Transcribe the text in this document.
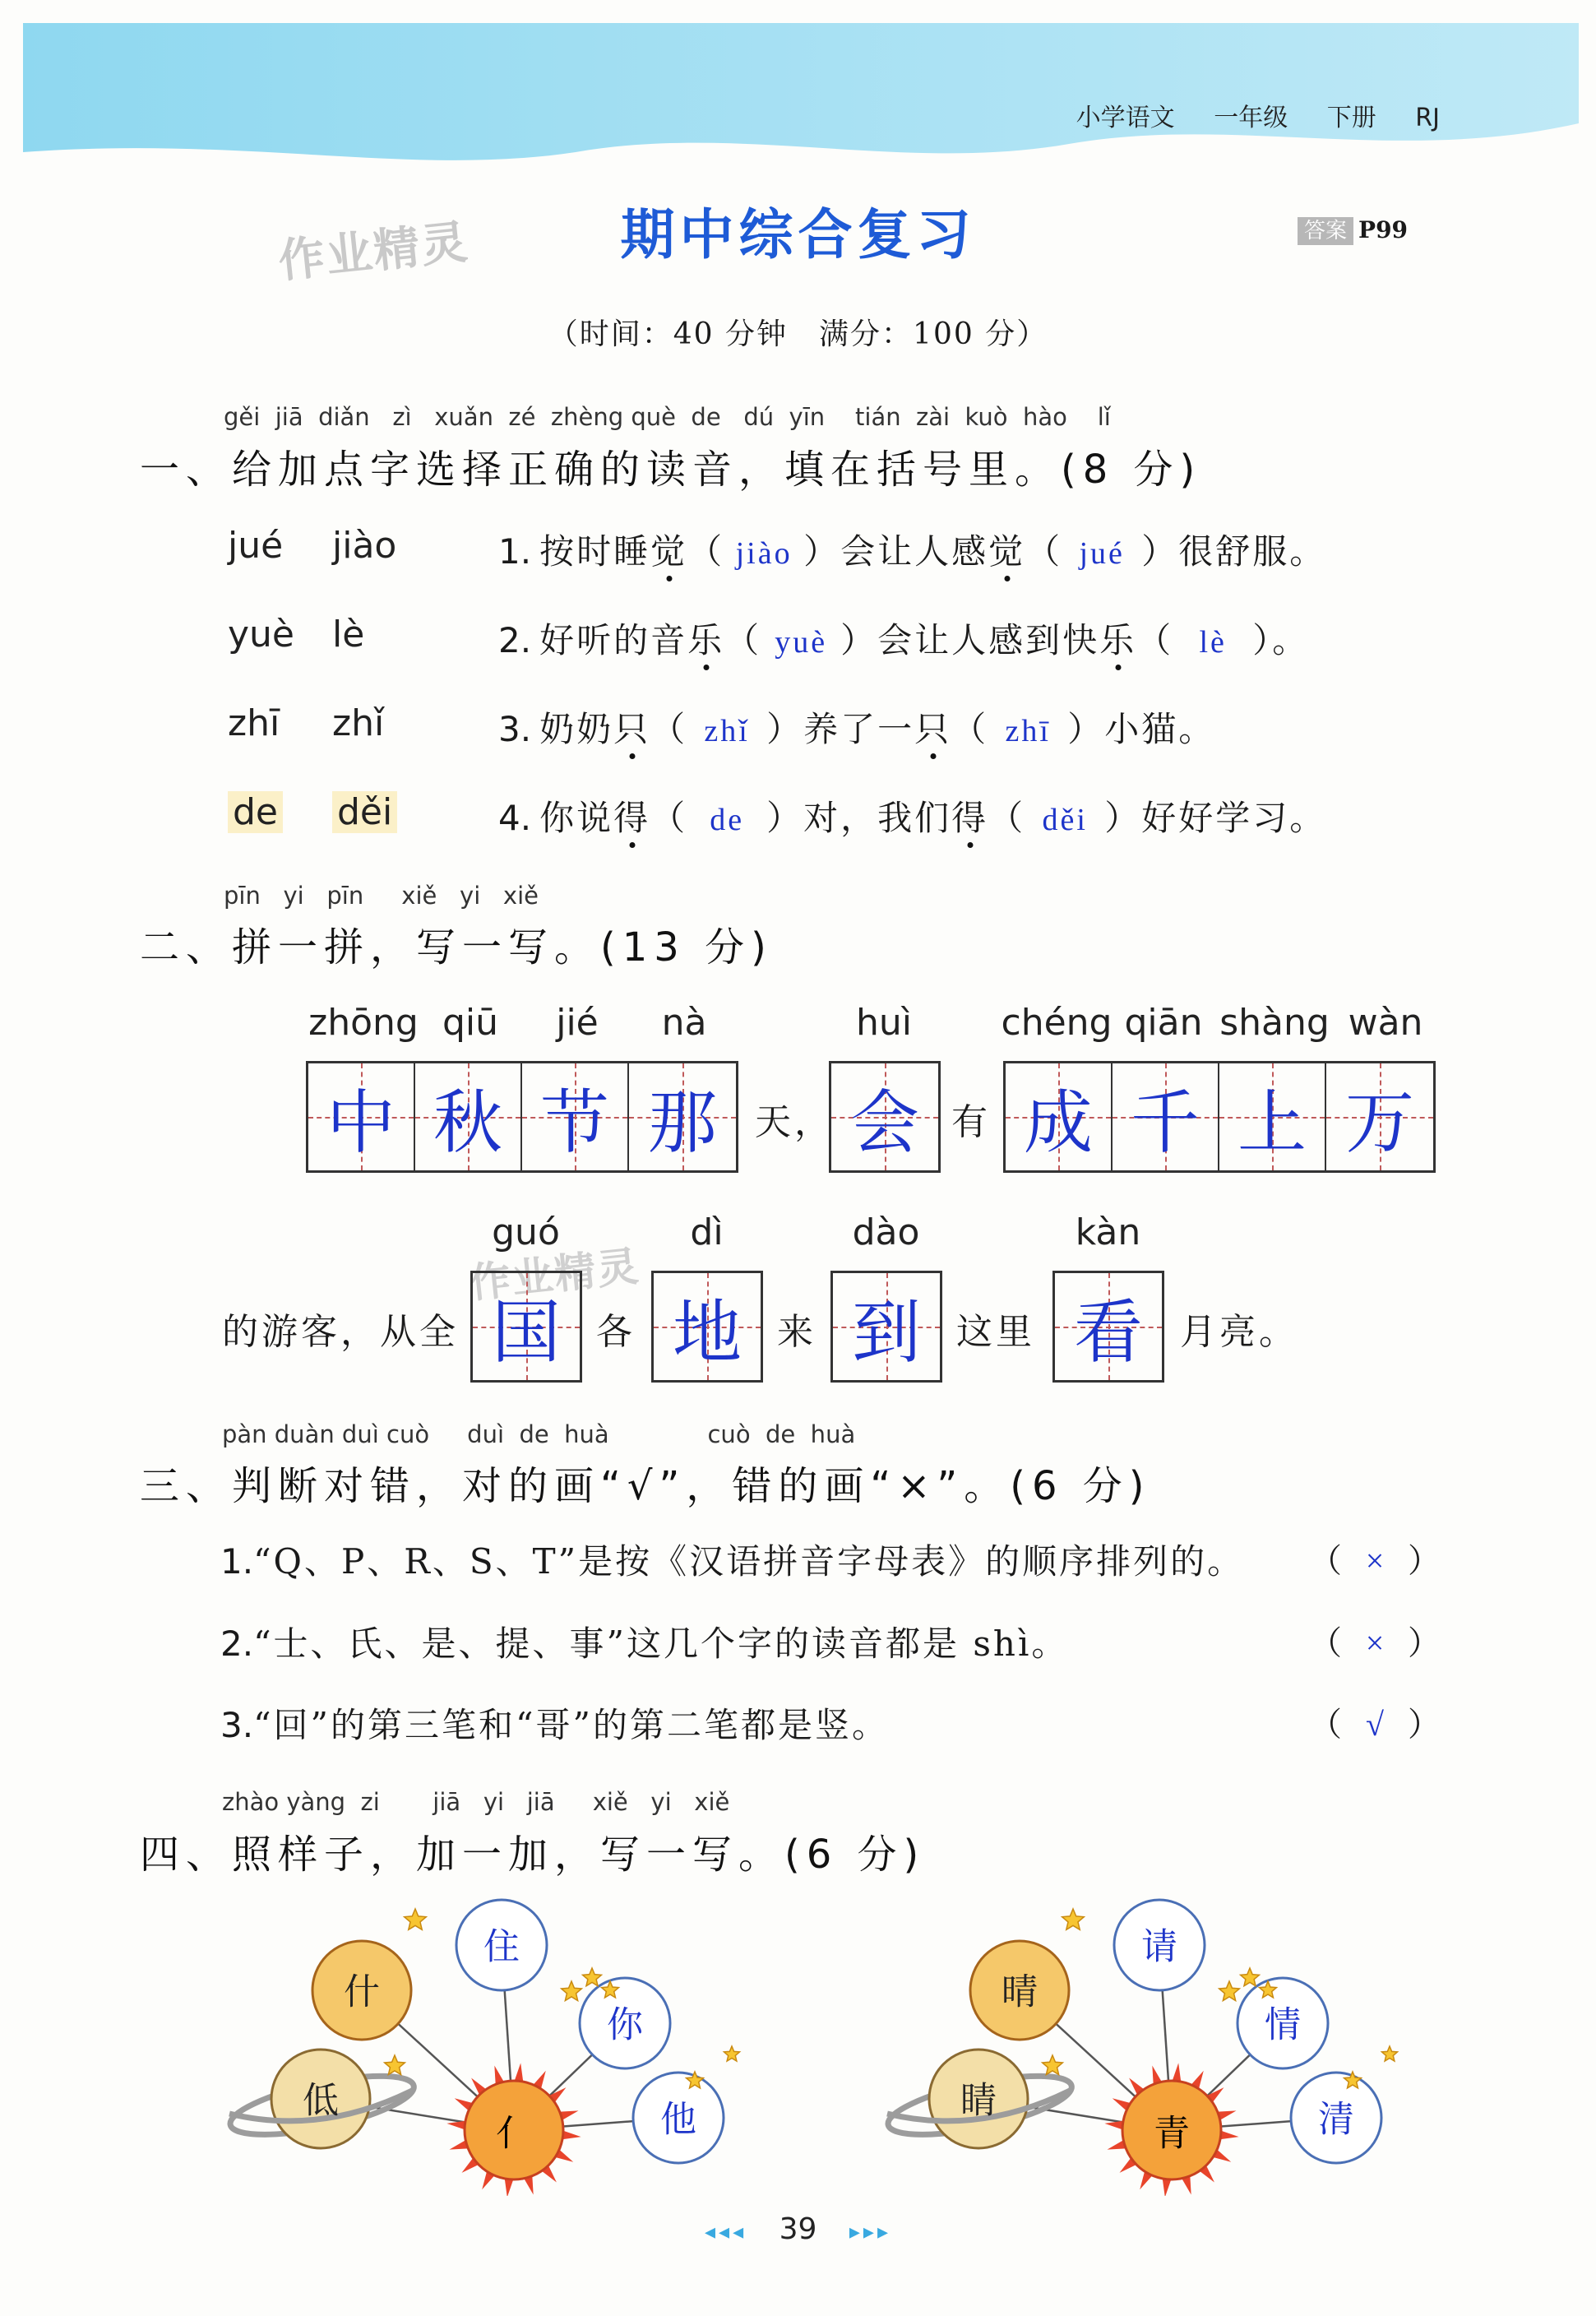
小学语文 一年级 下册 RJ
作业精灵	期中综合复习	答案 P99
（时间：40 分钟　满分：100 分）
gěi  jiā  diǎn   zì   xuǎn  zé  zhèng què  de   dú  yīn    tián  zài  kuò  hào    lǐ
一、给加点字选择正确的读音，填在括号里。(8 分)
jué jiào	1. 按时睡觉（ jiào ）会让人感觉（ jué ）很舒服。
yuè lè	2. 好听的音乐（ yuè ）会让人感到快乐（ lè ）。
zhī zhǐ	3. 奶奶只（ zhǐ ）养了一只（ zhī ）小猫。
de děi	4. 你说得（ de ）对，我们得（ děi ）好好学习。
pīn   yi   pīn     xiě   yi   xiě
二、拼一拼，写一写。(13 分)
zhōng qiū	jié	nà	huì	chéng qiān shàng wàn
中 秋 节 那 天， 会 有 成 千 上 万
作业精灵
guó	dì	dào	kàn
的游客，从全 国 各 地 来 到 这里 看 月亮。
pàn duàn duì cuò     duì  de  huà             cuò  de  huà
三、判断对错，对的画“√”，错的画“×”。(6 分)
1.“Q、P、R、S、T”是按《汉语拼音字母表》的顺序排列的。 （ × ）
2.“士、氏、是、提、事”这几个字的读音都是 shì。	（ × ）
3.“回”的第三笔和“哥”的第二笔都是竖。	（ √ ）
zhào yàng  zi       jiā   yi   jiā     xiě   yi   xiě
四、照样子，加一加，写一写。(6 分)
什
住
你
他
低
亻
晴
请
情
清
睛
青
◂◂◂ 39 ▸▸▸
